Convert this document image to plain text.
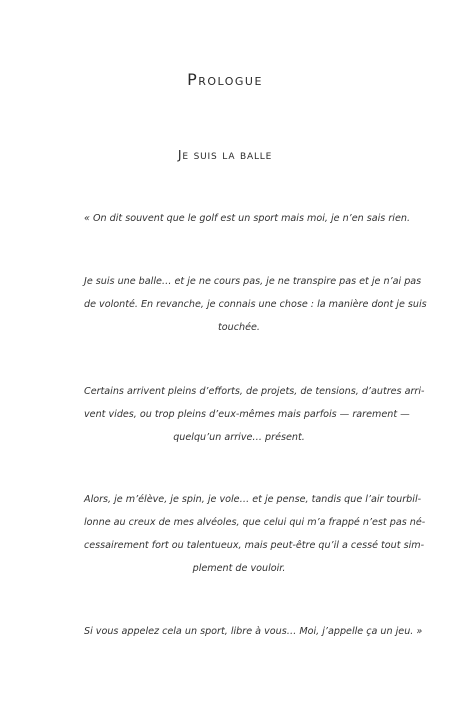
Prologue
Je suis la balle

« On dit souvent que le golf est un sport mais moi, je n’en sais rien.

Je suis une balle… et je ne cours pas, je ne transpire pas et je n’ai pas
de volonté. En revanche, je connais une chose : la manière dont je suis
touchée.

Certains arrivent pleins d’efforts, de projets, de tensions, d’autres arri-
vent vides, ou trop pleins d’eux-mêmes mais parfois — rarement —
quelqu’un arrive… présent.

Alors, je m’élève, je spin, je vole… et je pense, tandis que l’air tourbil-
lonne au creux de mes alvéoles, que celui qui m’a frappé n’est pas né-
cessairement fort ou talentueux, mais peut-être qu’il a cessé tout sim-
plement de vouloir.

Si vous appelez cela un sport, libre à vous… Moi, j’appelle ça un jeu. »
